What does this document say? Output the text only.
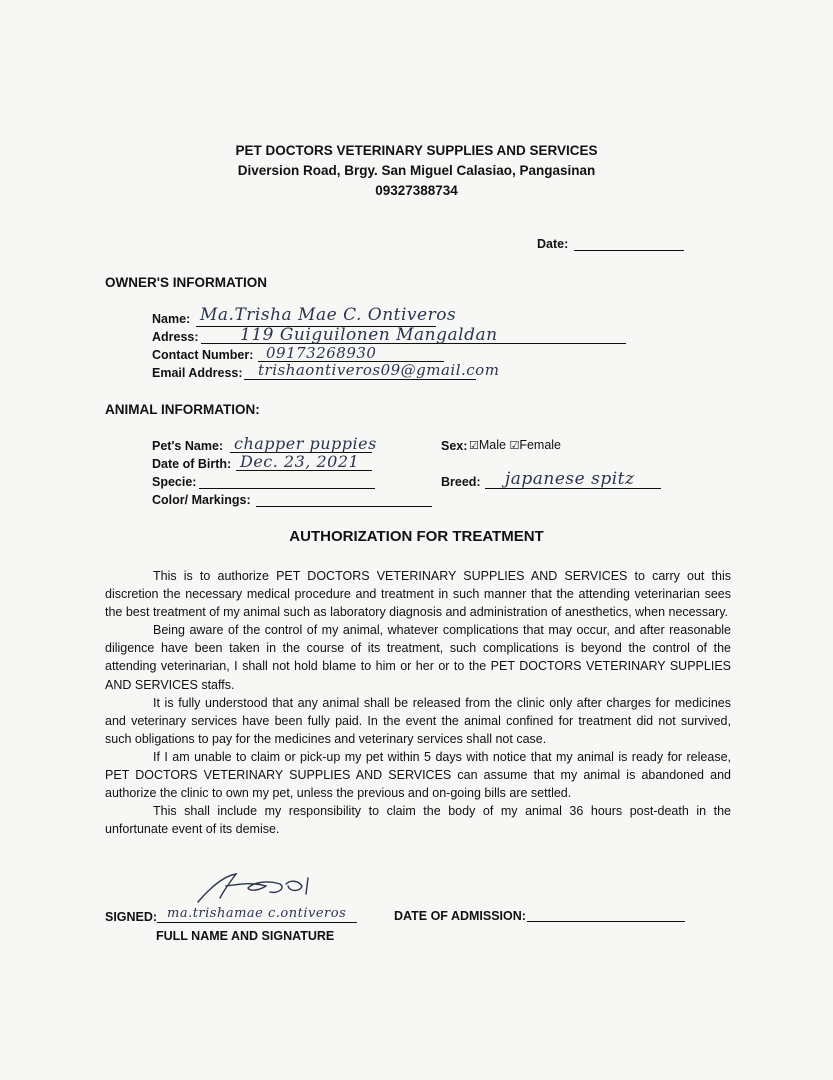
PET DOCTORS VETERINARY SUPPLIES AND SERVICES
Diversion Road, Brgy. San Miguel Calasiao, Pangasinan
09327388734
Date:
OWNER'S INFORMATION
Name: Ma.Trisha Mae C. Ontiveros
Adress: 119 Guiguilonen Mangaldan
Contact Number: 09173268930
Email Address: trishaontiveros09@gmail.com
ANIMAL INFORMATION:
Pet's Name: chapper puppies
Date of Birth: Dec. 23, 2021
Specie:
Color/ Markings:
Sex: ☑Male ☑Female
Breed: japanese spitz
AUTHORIZATION FOR TREATMENT

This is to authorize PET DOCTORS VETERINARY SUPPLIES AND SERVICES to carry out this discretion the necessary medical procedure and treatment in such manner that the attending veterinarian sees the best treatment of my animal such as laboratory diagnosis and administration of anesthetics, when necessary.

Being aware of the control of my animal, whatever complications that may occur, and after reasonable diligence have been taken in the course of its treatment, such complications is beyond the control of the attending veterinarian, I shall not hold blame to him or her or to the PET DOCTORS VETERINARY SUPPLIES AND SERVICES staffs.

It is fully understood that any animal shall be released from the clinic only after charges for medicines and veterinary services have been fully paid. In the event the animal confined for treatment did not survived, such obligations to pay for the medicines and veterinary services shall not case.

If I am unable to claim or pick-up my pet within 5 days with notice that my animal is ready for release, PET DOCTORS VETERINARY SUPPLIES AND SERVICES can assume that my animal is abandoned and authorize the clinic to own my pet, unless the previous and on-going bills are settled.

This shall include my responsibility to claim the body of my animal 36 hours post-death in the unfortunate event of its demise.

SIGNED: ma.trishamae c.ontiveros
FULL NAME AND SIGNATURE
DATE OF ADMISSION:
